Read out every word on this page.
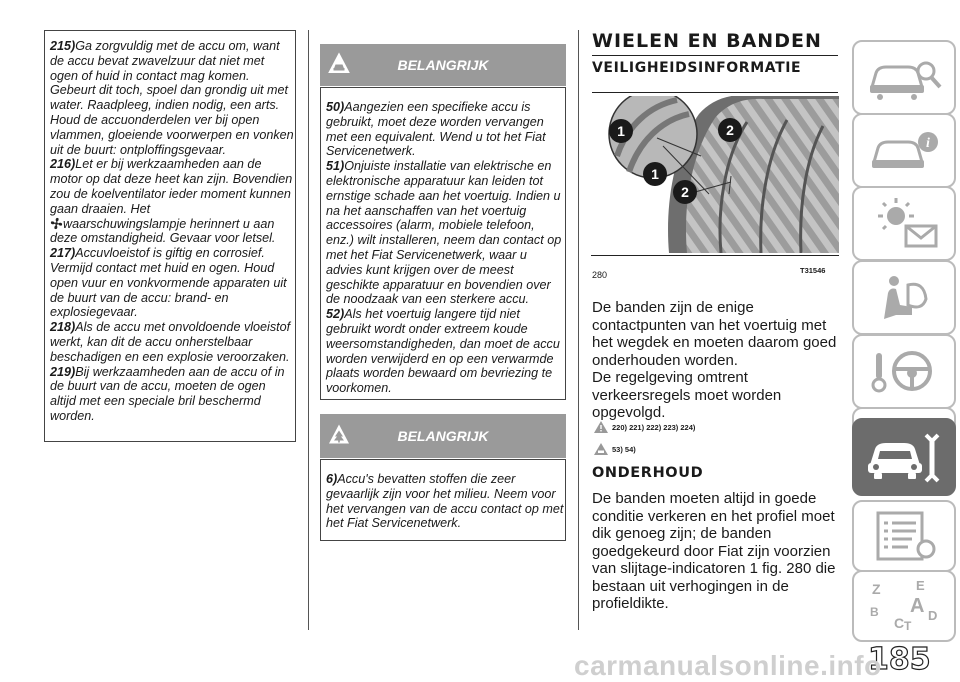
215)Ga zorgvuldig met de accu om, want de accu bevat zwavelzuur dat niet met ogen of huid in contact mag komen. Gebeurt dit toch, spoel dan grondig uit met water. Raadpleeg, indien nodig, een arts. Houd de accuonderdelen ver bij open vlammen, gloeiende voorwerpen en vonken uit de buurt: ontploffingsgevaar.

216)Let er bij werkzaamheden aan de motor op dat deze heet kan zijn. Bovendien zou de koelventilator ieder moment kunnen gaan draaien. Het

waarschuwingslampje herinnert u aan deze omstandigheid. Gevaar voor letsel.

217)Accuvloeistof is giftig en corrosief. Vermijd contact met huid en ogen. Houd open vuur en vonkvormende apparaten uit de buurt van de accu: brand- en explosiegevaar.

218)Als de accu met onvoldoende vloeistof werkt, kan dit de accu onherstelbaar beschadigen en een explosie veroorzaken.

219)Bij werkzaamheden aan de accu of in de buurt van de accu, moeten de ogen altijd met een speciale bril beschermd worden.

BELANGRIJK

50)Aangezien een specifieke accu is gebruikt, moet deze worden vervangen met een equivalent. Wend u tot het Fiat Servicenetwerk.

51)Onjuiste installatie van elektrische en elektronische apparatuur kan leiden tot ernstige schade aan het voertuig. Indien u na het aanschaffen van het voertuig accessoires (alarm, mobiele telefoon, enz.) wilt installeren, neem dan contact op met het Fiat Servicenetwerk, waar u advies kunt krijgen over de meest geschikte apparatuur en bovendien over de noodzaak van een sterkere accu.

52)Als het voertuig langere tijd niet gebruikt wordt onder extreem koude weersomstandigheden, dan moet de accu worden verwijderd en op een verwarmde plaats worden bewaard om bevriezing te voorkomen.

BELANGRIJK

6)Accu's bevatten stoffen die zeer gevaarlijk zijn voor het milieu. Neem voor het vervangen van de accu contact op met het Fiat Servicenetwerk.

WIELEN EN BANDEN
VEILIGHEIDSINFORMATIE
1	2
1
2
280	T31546
De banden zijn de enige contactpunten van het voertuig met het wegdek en moeten daarom goed onderhouden worden.
De regelgeving omtrent verkeersregels moet worden opgevolgd.
220) 221) 222) 223) 224)
53) 54)
ONDERHOUD
De banden moeten altijd in goede conditie verkeren en het profiel moet dik genoeg zijn; de banden goedgekeurd door Fiat zijn voorzien van slijtage-indicatoren 1 fig. 280 die bestaan uit verhogingen in de profieldikte.
i
Z	E
B
C
A D
T
185
carmanualsonline.info
